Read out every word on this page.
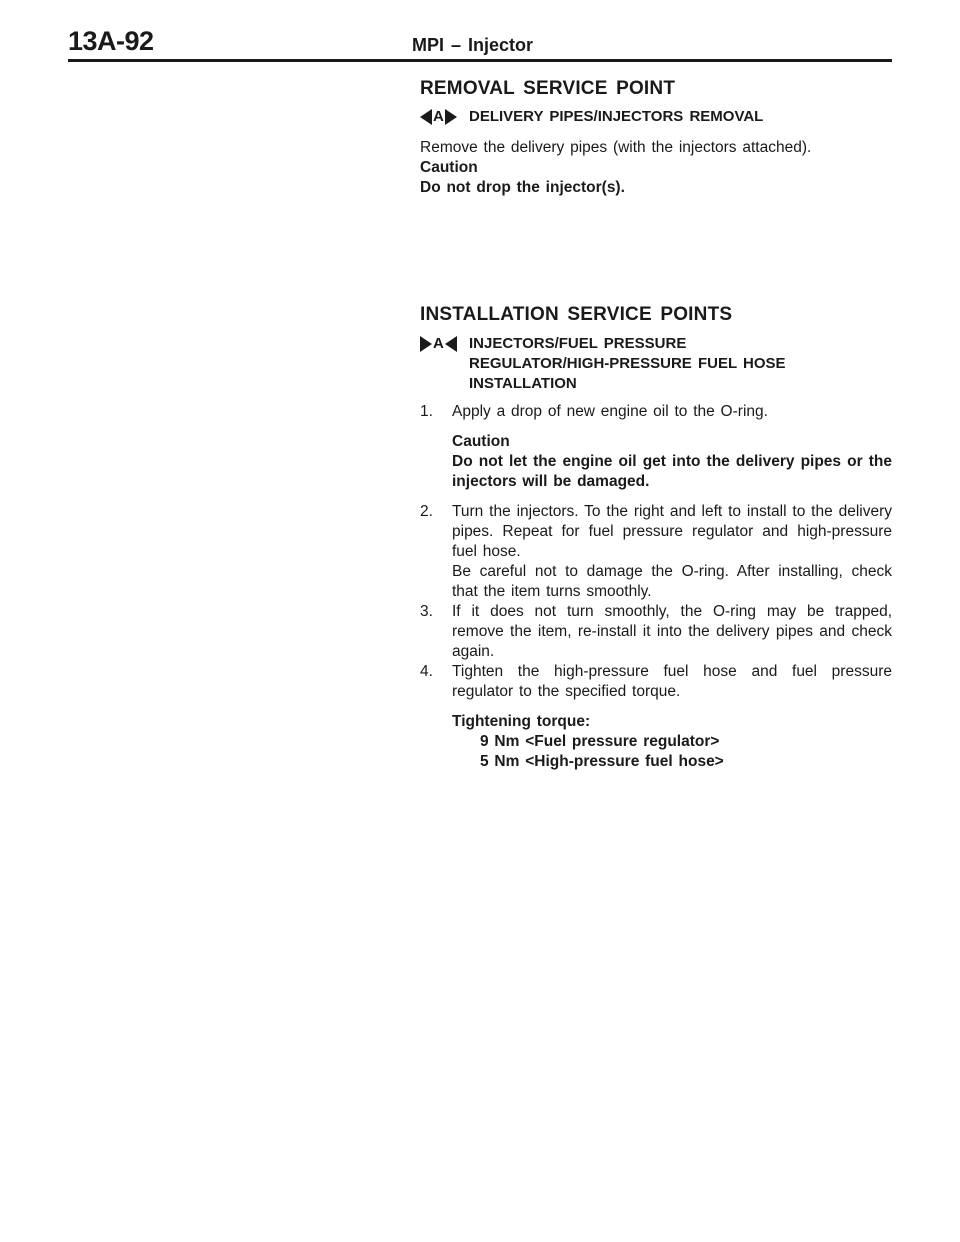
13A-92	MPI – Injector
REMOVAL SERVICE POINT
A	DELIVERY PIPES/INJECTORS REMOVAL
Remove the delivery pipes (with the injectors attached).
Caution
Do not drop the injector(s).
INSTALLATION SERVICE POINTS
A	INJECTORS/FUEL PRESSURE
REGULATOR/HIGH-PRESSURE FUEL HOSE
INSTALLATION
1. Apply a drop of new engine oil to the O-ring.
Caution
Do not let the engine oil get into the delivery pipes or the injectors will be damaged.
2. Turn the injectors. To the right and left to install to the delivery pipes. Repeat for fuel pressure regulator and high-pressure fuel hose.
Be careful not to damage the O-ring. After installing, check that the item turns smoothly.
3. If it does not turn smoothly, the O-ring may be trapped, remove the item, re-install it into the delivery pipes and check again.
4. Tighten the high-pressure fuel hose and fuel pressure regulator to the specified torque.
Tightening torque:
9 Nm <Fuel pressure regulator>
5 Nm <High-pressure fuel hose>
